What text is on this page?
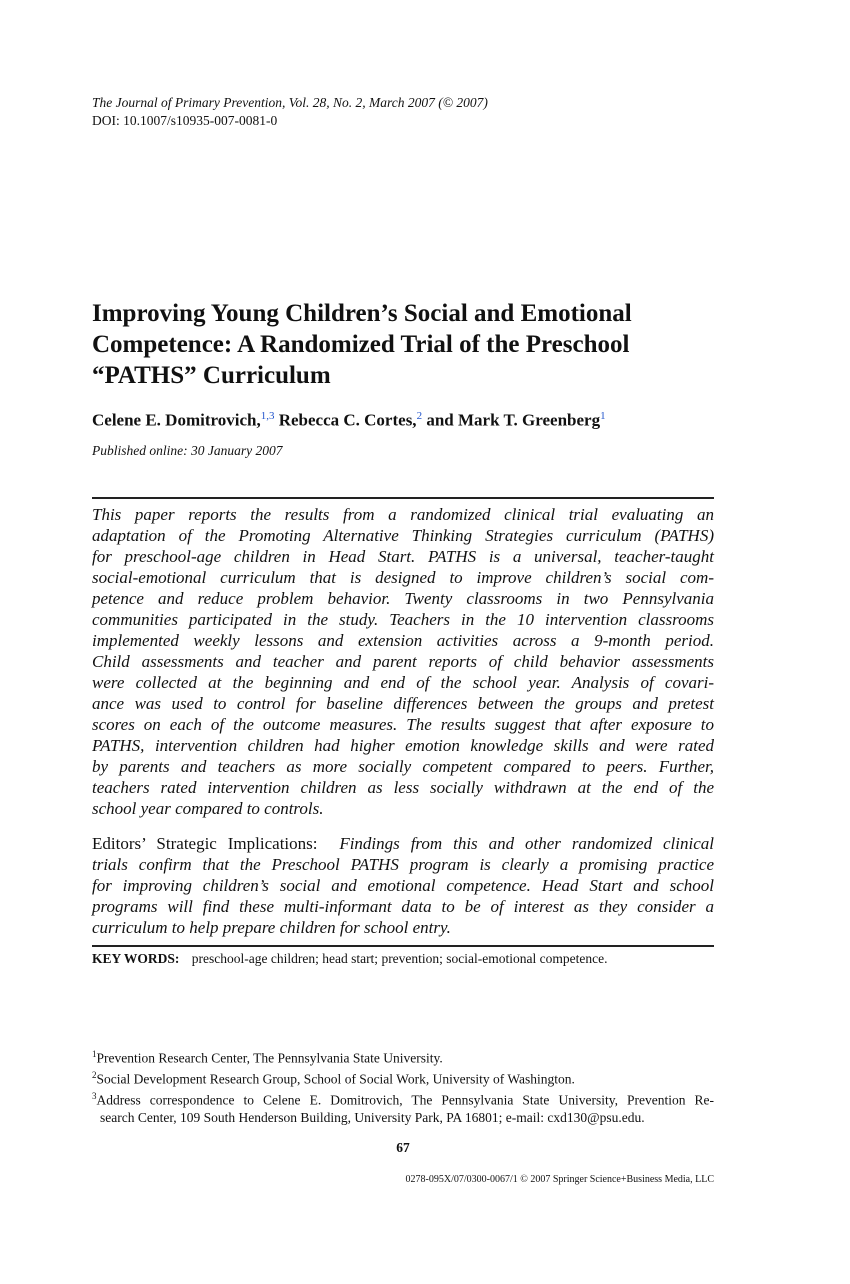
The Journal of Primary Prevention, Vol. 28, No. 2, March 2007 (© 2007)
DOI: 10.1007/s10935-007-0081-0
Improving Young Children’s Social and Emotional
Competence: A Randomized Trial of the Preschool
“PATHS” Curriculum
Celene E. Domitrovich,$^{1,3}$ Rebecca C. Cortes,$^2$ and Mark T. Greenberg$^1$
Published online: 30 January 2007
This paper reports the results from a randomized clinical trial evaluating an
adaptation of the Promoting Alternative Thinking Strategies curriculum (PATHS)
for preschool-age children in Head Start. PATHS is a universal, teacher-taught
social-emotional curriculum that is designed to improve children’s social com-
petence and reduce problem behavior. Twenty classrooms in two Pennsylvania
communities participated in the study. Teachers in the 10 intervention classrooms
implemented weekly lessons and extension activities across a 9-month period.
Child assessments and teacher and parent reports of child behavior assessments
were collected at the beginning and end of the school year. Analysis of covari-
ance was used to control for baseline differences between the groups and pretest
scores on each of the outcome measures. The results suggest that after exposure to
PATHS, intervention children had higher emotion knowledge skills and were rated
by parents and teachers as more socially competent compared to peers. Further,
teachers rated intervention children as less socially withdrawn at the end of the
school year compared to controls.
Editors’ Strategic Implications: Findings from this and other randomized clinical
trials confirm that the Preschool PATHS program is clearly a promising practice
for improving children’s social and emotional competence. Head Start and school
programs will find these multi-informant data to be of interest as they consider a
curriculum to help prepare children for school entry.
KEY WORDS: preschool-age children; head start; prevention; social-emotional competence.
$^1$Prevention Research Center, The Pennsylvania State University.
$^2$Social Development Research Group, School of Social Work, University of Washington.
$^3$Address correspondence to Celene E. Domitrovich, The Pennsylvania State University, Prevention Re-
search Center, 109 South Henderson Building, University Park, PA 16801; e-mail: cxd130@psu.edu.
67
0278-095X/07/0300-0067/1 © 2007 Springer Science+Business Media, LLC
